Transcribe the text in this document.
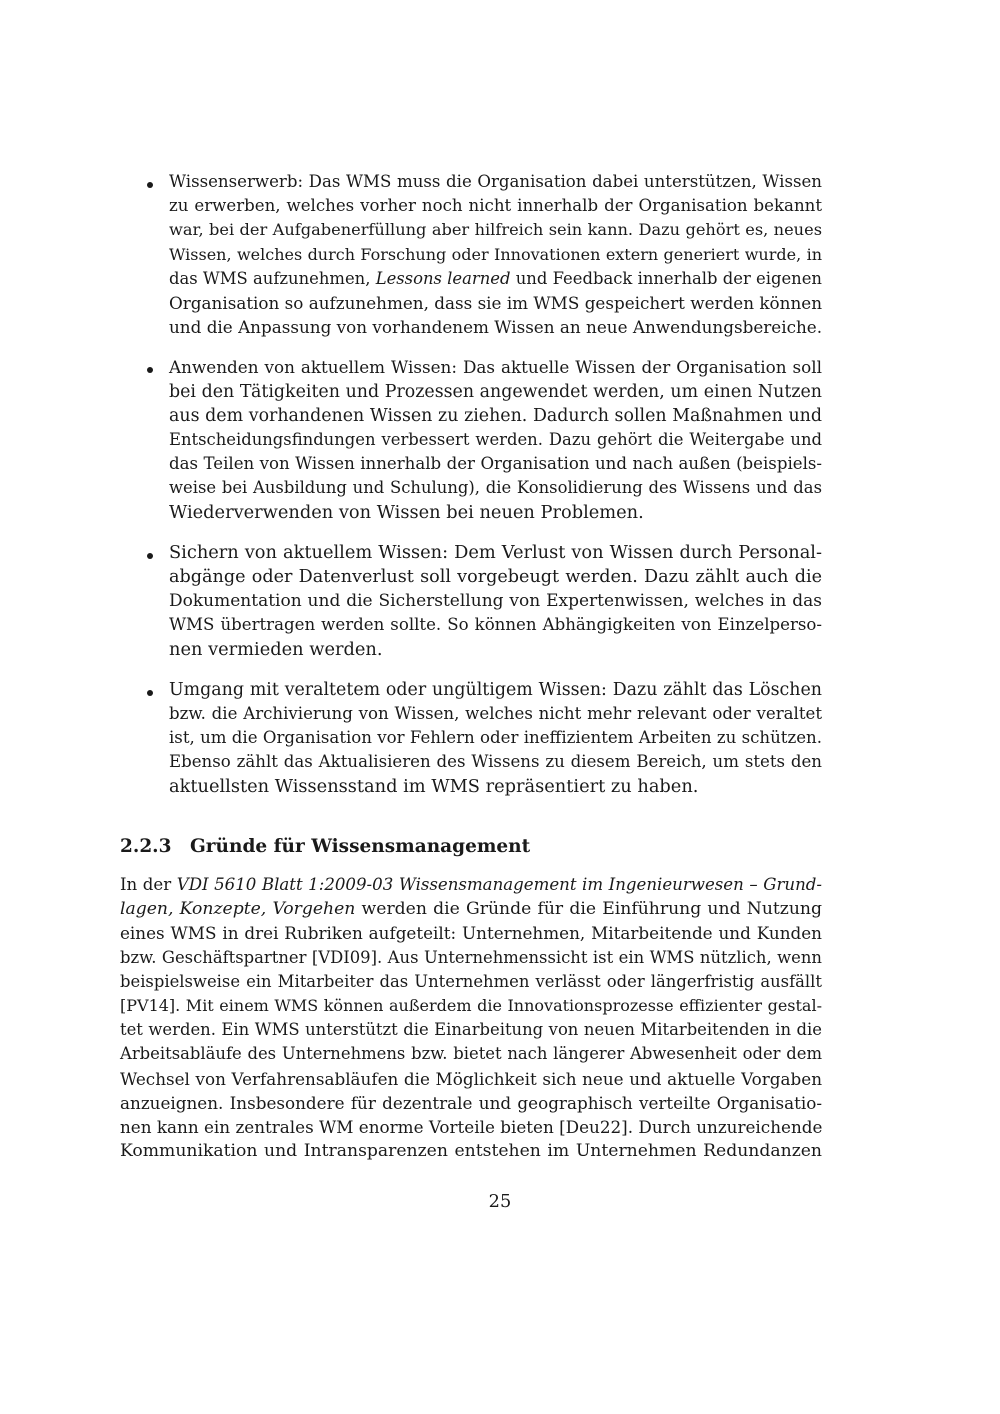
Wissenserwerb: Das WMS muss die Organisation dabei unterstützen, Wissen
zu erwerben, welches vorher noch nicht innerhalb der Organisation bekannt
war, bei der Aufgabenerfüllung aber hilfreich sein kann. Dazu gehört es, neues
Wissen, welches durch Forschung oder Innovationen extern generiert wurde, in
das WMS aufzunehmen, Lessons learned und Feedback innerhalb der eigenen
Organisation so aufzunehmen, dass sie im WMS gespeichert werden können
und die Anpassung von vorhandenem Wissen an neue Anwendungsbereiche.
Anwenden von aktuellem Wissen: Das aktuelle Wissen der Organisation soll
bei den Tätigkeiten und Prozessen angewendet werden, um einen Nutzen
aus dem vorhandenen Wissen zu ziehen. Dadurch sollen Maßnahmen und
Entscheidungsfindungen verbessert werden. Dazu gehört die Weitergabe und
das Teilen von Wissen innerhalb der Organisation und nach außen (beispiels-
weise bei Ausbildung und Schulung), die Konsolidierung des Wissens und das
Wiederverwenden von Wissen bei neuen Problemen.
Sichern von aktuellem Wissen: Dem Verlust von Wissen durch Personal-
abgänge oder Datenverlust soll vorgebeugt werden. Dazu zählt auch die
Dokumentation und die Sicherstellung von Expertenwissen, welches in das
WMS übertragen werden sollte. So können Abhängigkeiten von Einzelperso-
nen vermieden werden.
Umgang mit veraltetem oder ungültigem Wissen: Dazu zählt das Löschen
bzw. die Archivierung von Wissen, welches nicht mehr relevant oder veraltet
ist, um die Organisation vor Fehlern oder ineffizientem Arbeiten zu schützen.
Ebenso zählt das Aktualisieren des Wissens zu diesem Bereich, um stets den
aktuellsten Wissensstand im WMS repräsentiert zu haben.
2.2.3 Gründe für Wissensmanagement
In der VDI 5610 Blatt 1:2009-03 Wissensmanagement im Ingenieurwesen – Grund-
lagen, Konzepte, Vorgehen werden die Gründe für die Einführung und Nutzung
eines WMS in drei Rubriken aufgeteilt: Unternehmen, Mitarbeitende und Kunden
bzw. Geschäftspartner [VDI09]. Aus Unternehmenssicht ist ein WMS nützlich, wenn
beispielsweise ein Mitarbeiter das Unternehmen verlässt oder längerfristig ausfällt
[PV14]. Mit einem WMS können außerdem die Innovationsprozesse effizienter gestal-
tet werden. Ein WMS unterstützt die Einarbeitung von neuen Mitarbeitenden in die
Arbeitsabläufe des Unternehmens bzw. bietet nach längerer Abwesenheit oder dem
Wechsel von Verfahrensabläufen die Möglichkeit sich neue und aktuelle Vorgaben
anzueignen. Insbesondere für dezentrale und geographisch verteilte Organisatio-
nen kann ein zentrales WM enorme Vorteile bieten [Deu22]. Durch unzureichende
Kommunikation und Intransparenzen entstehen im Unternehmen Redundanzen
25
